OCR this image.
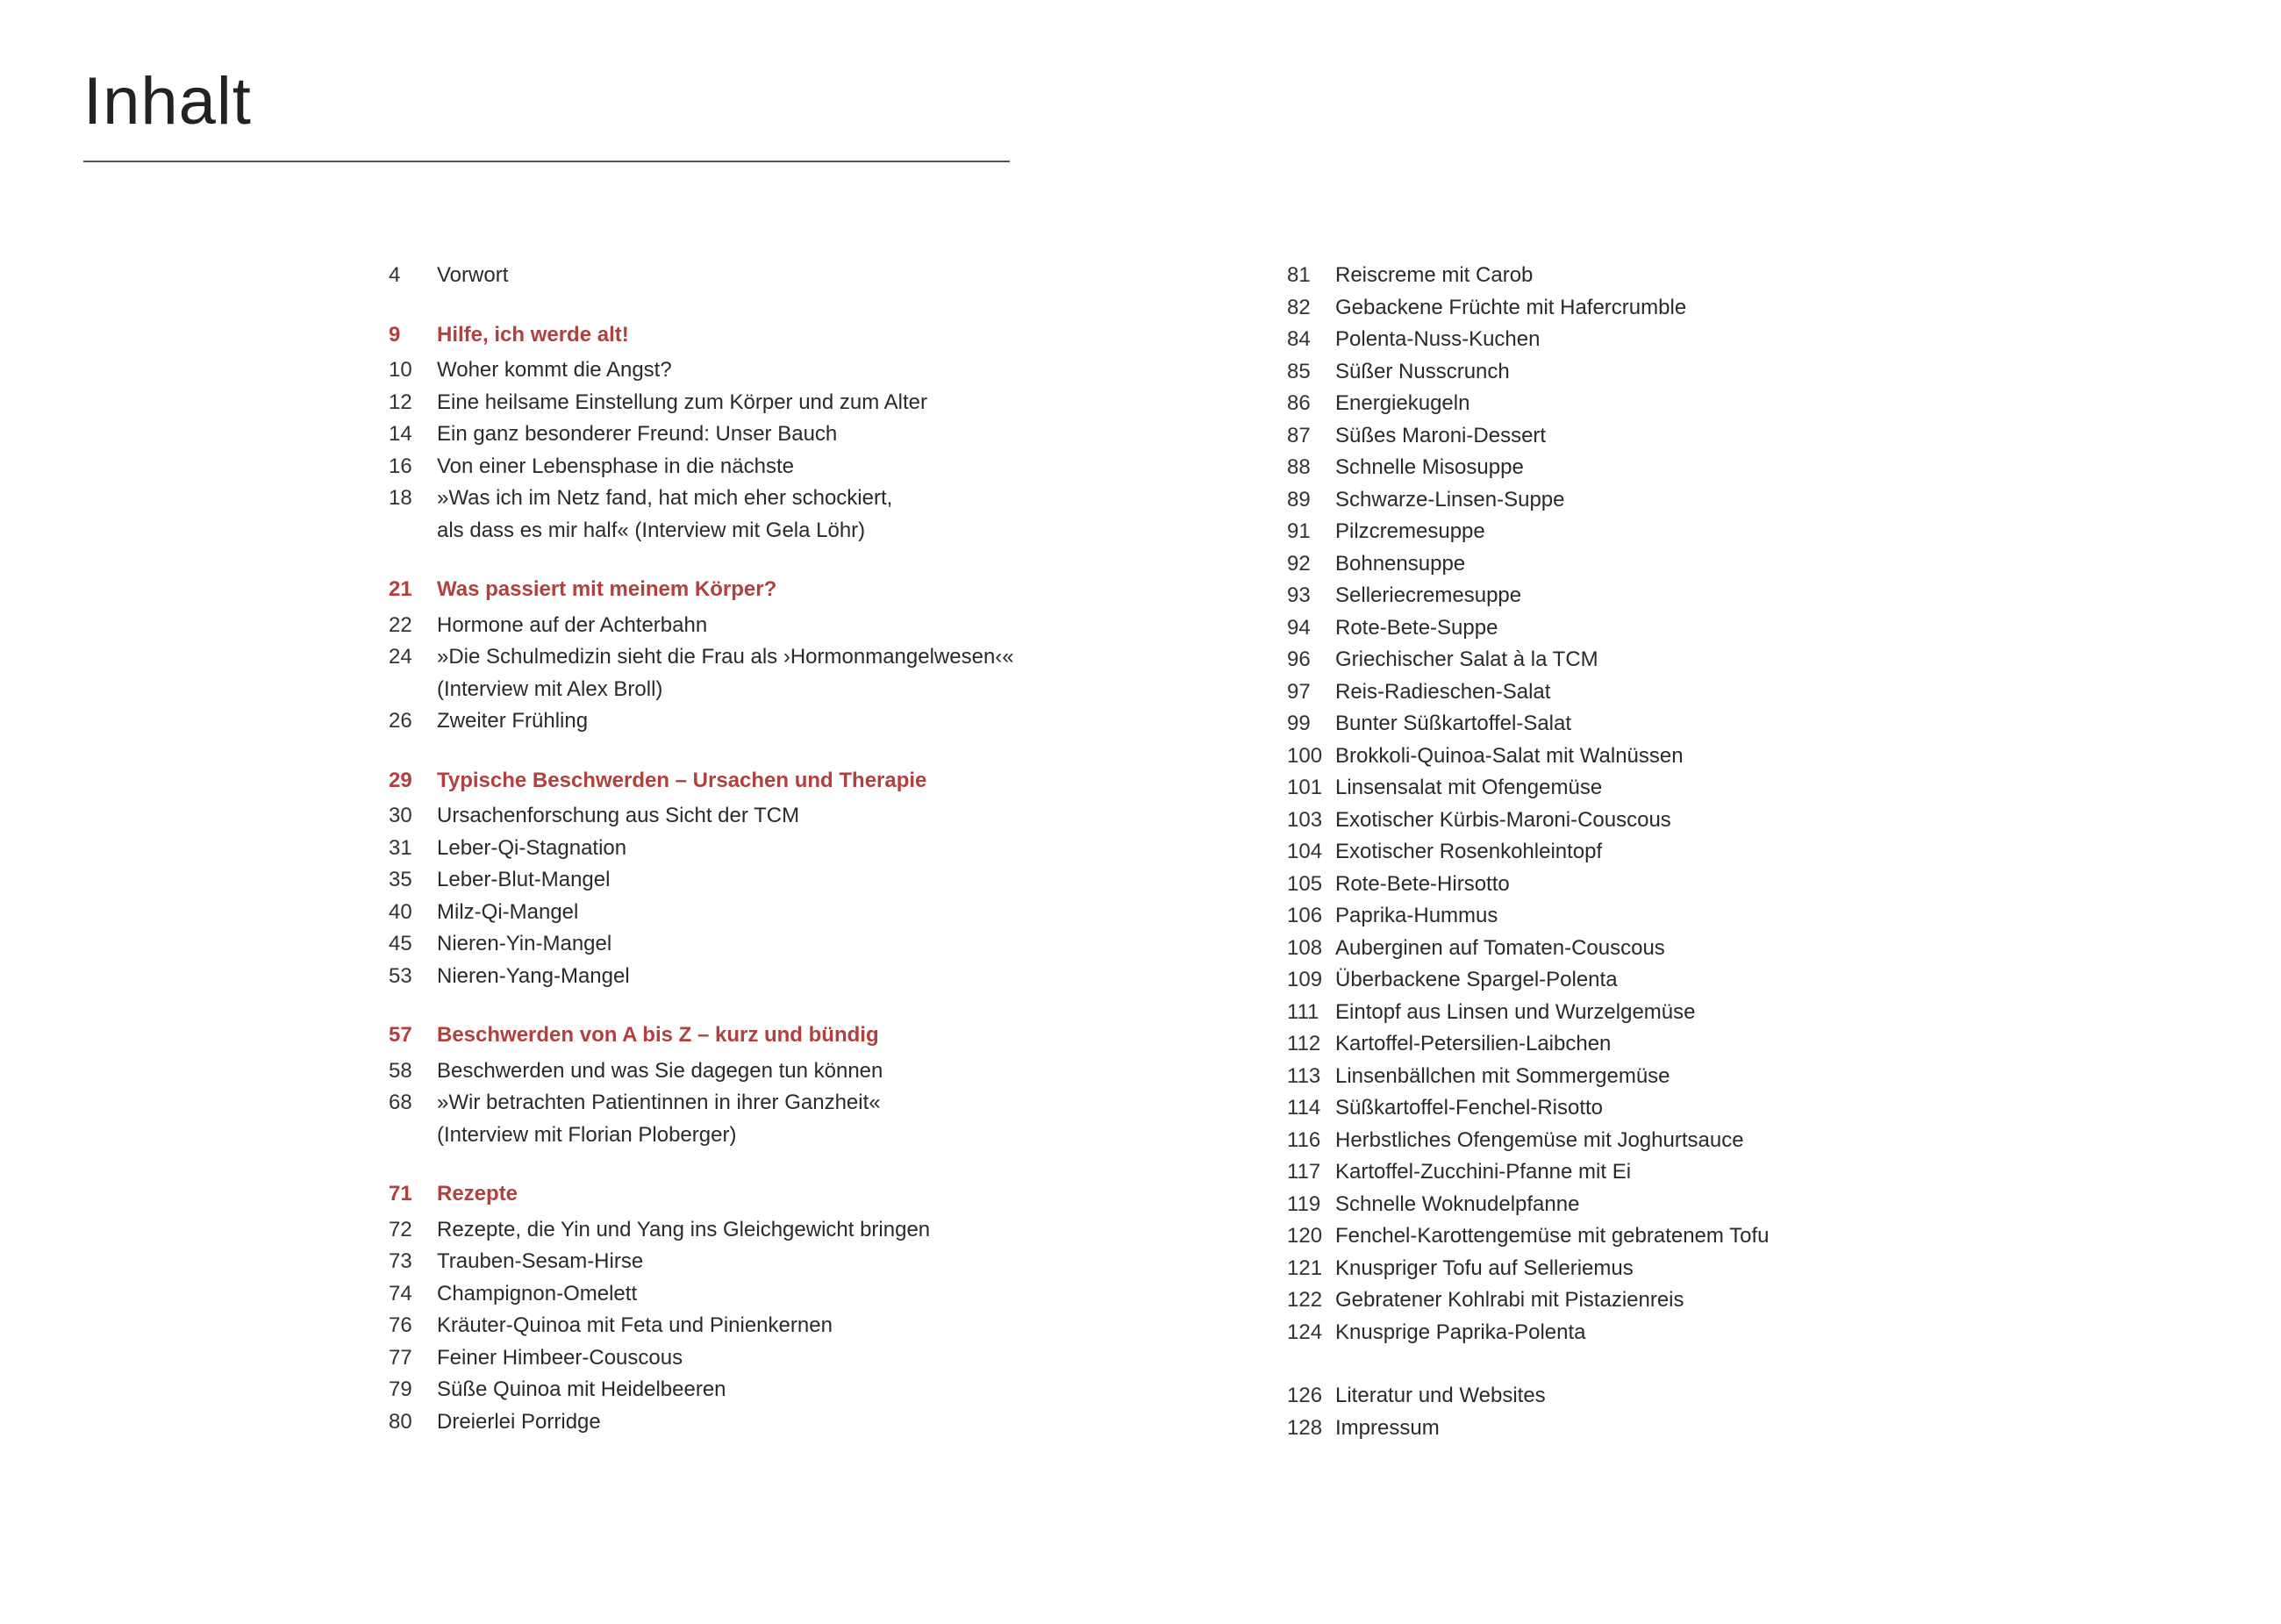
Inhalt
4	Vorwort
9	Hilfe, ich werde alt!
10	Woher kommt die Angst?
12	Eine heilsame Einstellung zum Körper und zum Alter
14	Ein ganz besonderer Freund: Unser Bauch
16	Von einer Lebensphase in die nächste
18	»Was ich im Netz fand, hat mich eher schockiert,
als dass es mir half« (Interview mit Gela Löhr)
21	Was passiert mit meinem Körper?
22	Hormone auf der Achterbahn
24	»Die Schulmedizin sieht die Frau als ›Hormonmangelwesen‹«
(Interview mit Alex Broll)
26	Zweiter Frühling
29	Typische Beschwerden – Ursachen und Therapie
30	Ursachenforschung aus Sicht der TCM
31	Leber-Qi-Stagnation
35	Leber-Blut-Mangel
40	Milz-Qi-Mangel
45	Nieren-Yin-Mangel
53	Nieren-Yang-Mangel
57	Beschwerden von A bis Z – kurz und bündig
58	Beschwerden und was Sie dagegen tun können
68	»Wir betrachten Patientinnen in ihrer Ganzheit«
(Interview mit Florian Ploberger)
71	Rezepte
72	Rezepte, die Yin und Yang ins Gleichgewicht bringen
73	Trauben-Sesam-Hirse
74	Champignon-Omelett
76	Kräuter-Quinoa mit Feta und Pinienkernen
77	Feiner Himbeer-Couscous
79	Süße Quinoa mit Heidelbeeren
80	Dreierlei Porridge
81	Reiscreme mit Carob
82	Gebackene Früchte mit Hafercrumble
84	Polenta-Nuss-Kuchen
85	Süßer Nusscrunch
86	Energiekugeln
87	Süßes Maroni-Dessert
88	Schnelle Misosuppe
89	Schwarze-Linsen-Suppe
91	Pilzcremesuppe
92	Bohnensuppe
93	Selleriecremesuppe
94	Rote-Bete-Suppe
96	Griechischer Salat à la TCM
97	Reis-Radieschen-Salat
99	Bunter Süßkartoffel-Salat
100 Brokkoli-Quinoa-Salat mit Walnüssen
101 Linsensalat mit Ofengemüse
103 Exotischer Kürbis-Maroni-Couscous
104 Exotischer Rosenkohleintopf
105 Rote-Bete-Hirsotto
106 Paprika-Hummus
108 Auberginen auf Tomaten-Couscous
109 Überbackene Spargel-Polenta
111 Eintopf aus Linsen und Wurzelgemüse
112 Kartoffel-Petersilien-Laibchen
113 Linsenbällchen mit Sommergemüse
114 Süßkartoffel-Fenchel-Risotto
116 Herbstliches Ofengemüse mit Joghurtsauce
117 Kartoffel-Zucchini-Pfanne mit Ei
119 Schnelle Woknudelpfanne
120 Fenchel-Karottengemüse mit gebratenem Tofu
121 Knuspriger Tofu auf Selleriemus
122 Gebratener Kohlrabi mit Pistazienreis
124 Knusprige Paprika-Polenta
126 Literatur und Websites
128 Impressum
